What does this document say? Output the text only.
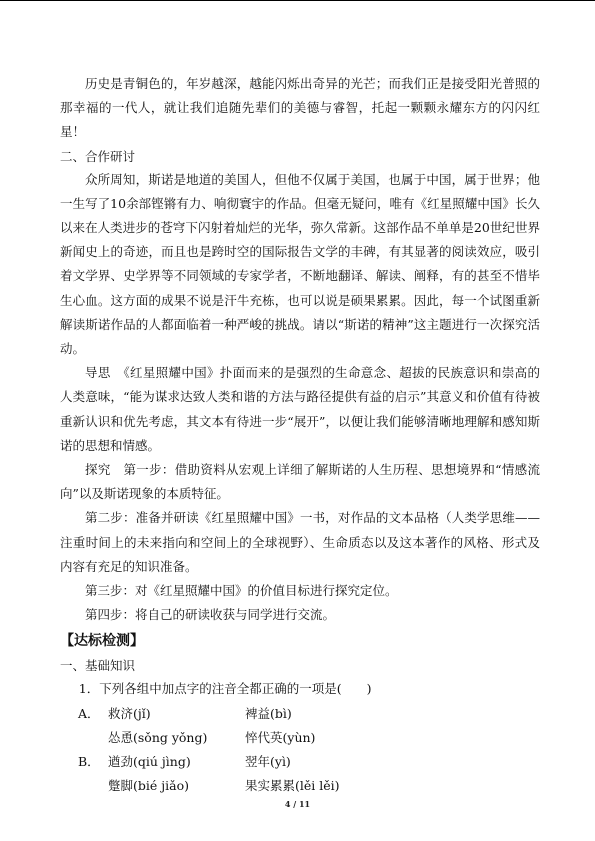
历史是青铜色的，年岁越深，越能闪烁出奇异的光芒；而我们正是接受阳光普照的那幸福的一代人，就让我们追随先辈们的美德与睿智，托起一颗颗永耀东方的闪闪红星！

二、合作研讨

众所周知，斯诺是地道的美国人，但他不仅属于美国，也属于中国，属于世界；他一生写了10余部铿锵有力、响彻寰宇的作品。但毫无疑问，唯有《红星照耀中国》长久以来在人类进步的苍穹下闪射着灿烂的光华，弥久常新。这部作品不单单是20世纪世界新闻史上的奇迹，而且也是跨时空的国际报告文学的丰碑，有其显著的阅读效应，吸引着文学界、史学界等不同领域的专家学者，不断地翻译、解读、阐释，有的甚至不惜毕生心血。这方面的成果不说是汗牛充栋，也可以说是硕果累累。因此，每一个试图重新解读斯诺作品的人都面临着一种严峻的挑战。请以“斯诺的精神”这主题进行一次探究活动。

导思　《红星照耀中国》扑面而来的是强烈的生命意念、超拔的民族意识和崇高的人类意味，“能为谋求达致人类和谐的方法与路径提供有益的启示”其意义和价值有待被重新认识和优先考虑，其文本有待进一步“展开”，以便让我们能够清晰地理解和感知斯诺的思想和情感。

探究　第一步：借助资料从宏观上详细了解斯诺的人生历程、思想境界和“情感流向”以及斯诺现象的本质特征。

第二步：准备并研读《红星照耀中国》一书，对作品的文本品格（人类学思维——注重时间上的未来指向和空间上的全球视野）、生命质态以及这本著作的风格、形式及内容有充足的知识准备。

第三步：对《红星照耀中国》的价值目标进行探究定位。

第四步：将自己的研读收获与同学进行交流。

【达标检测】

一、基础知识

1．下列各组中加点字的注音全都正确的一项是(　　)

A． 救济(jǐ)	裨益(bì)
怂恿(sǒng yǒng)	悴代英(yùn)
B． 遒劲(qiú jìng)	翌年(yì)
蹩脚(bié jiǎo)	果实累累(lěi lěi)
4 / 11
